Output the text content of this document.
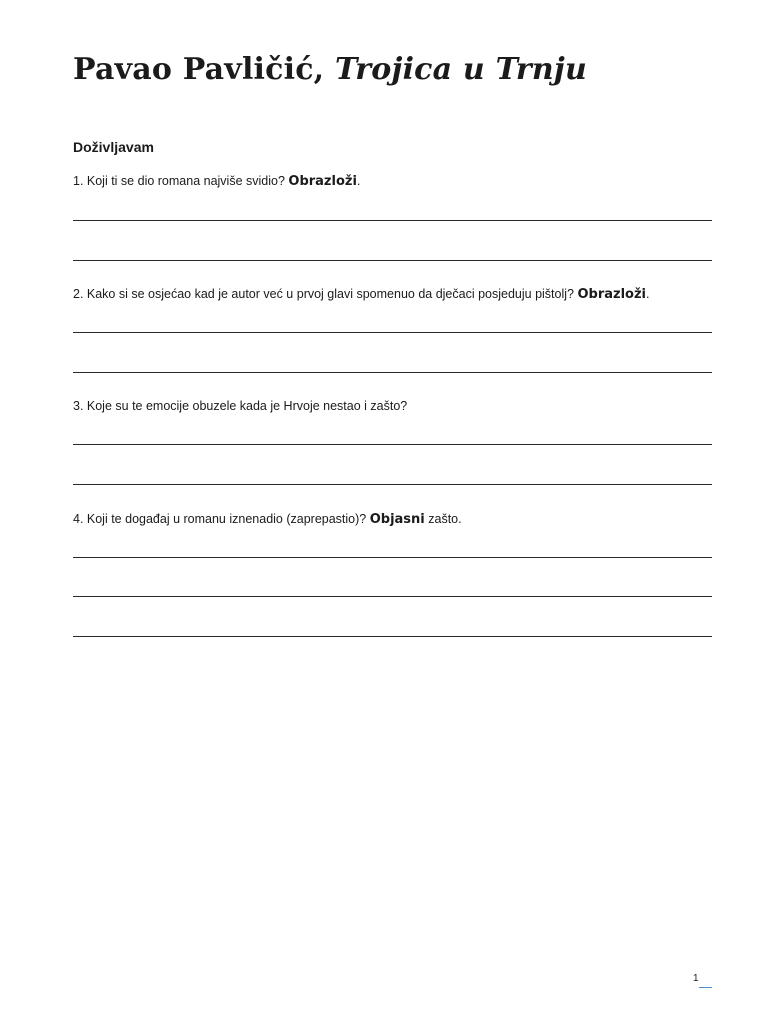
Pavao Pavličić, Trojica u Trnju
Doživljavam

1. Koji ti se dio romana najviše svidio? Obrazloži.

2. Kako si se osjećao kad je autor već u prvoj glavi spomenuo da dječaci posjeduju pištolj? Obrazloži.

3. Koje su te emocije obuzele kada je Hrvoje nestao i zašto?

4. Koji te događaj u romanu iznenadio (zaprepastio)? Objasni zašto.

1
